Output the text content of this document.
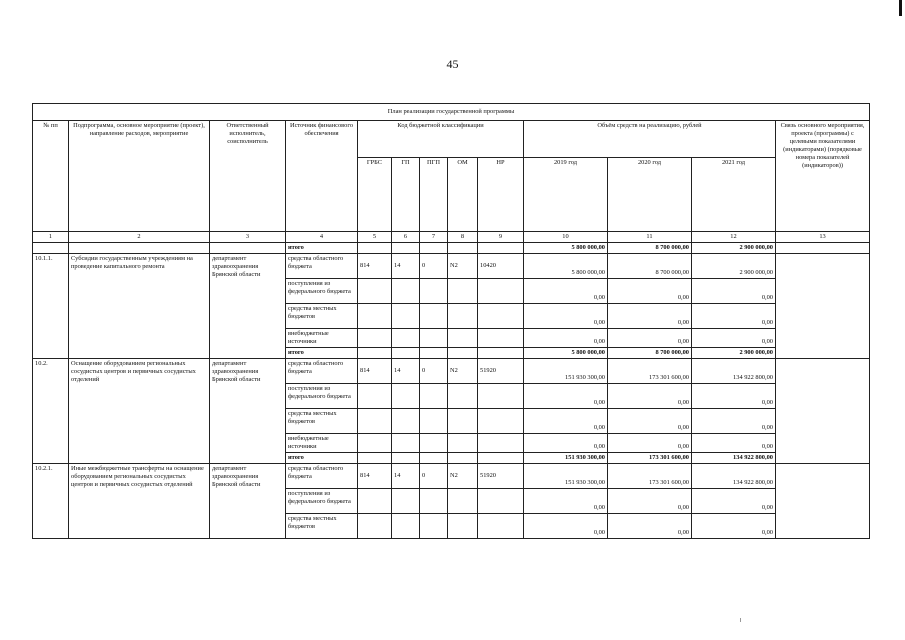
45
План реализации государственной программы												
№ пп	Подпрограмма, основное мероприятие (проект), направление расходов, мероприятие	Ответственный исполнитель, соисполнитель	Источник финансового обеспечения	Код бюджетной классификации					Объём средств на реализацию, рублей			Связь основного мероприятия, проекта (программы) с целевыми показателями (индикаторами) (порядковые номера показателей (индикаторов))
				ГРБС	ГП	ПГП	ОМ	НР	2019 год	2020 год	2021 год	
1	2	3	4	5	6	7	8	9	10	11	12	13
			итого						5 800 000,00	8 700 000,00	2 900 000,00	
10.1.1.	Субсидии государственным учреждениям на проведение капитального ремонта	департамент здравоохранения Брянской области	средства областного бюджета	814	14	0	N2	10420	5 800 000,00	8 700 000,00	2 900 000,00	
			поступления из федерального бюджета						0,00	0,00	0,00	
			средства местных бюджетов						0,00	0,00	0,00	
			внебюджетные источники						0,00	0,00	0,00	
			итого						5 800 000,00	8 700 000,00	2 900 000,00	
10.2.	Оснащение оборудованием региональных сосудистых центров и первичных сосудистых отделений	департамент здравоохранения Брянской области	средства областного бюджета	814	14	0	N2	51920	151 930 300,00	173 301 600,00	134 922 800,00	
			поступления из федерального бюджета						0,00	0,00	0,00	
			средства местных бюджетов						0,00	0,00	0,00	
			внебюджетные источники						0,00	0,00	0,00	
			итого						151 930 300,00	173 301 600,00	134 922 800,00	
10.2.1.	Иные межбюджетные трансферты на оснащение оборудованием региональных сосудистых центров и первичных сосудистых отделений	департамент здравоохранения Брянской области	средства областного бюджета	814	14	0	N2	51920	151 930 300,00	173 301 600,00	134 922 800,00	
			поступления из федерального бюджета						0,00	0,00	0,00	
			средства местных бюджетов						0,00	0,00	0,00	
